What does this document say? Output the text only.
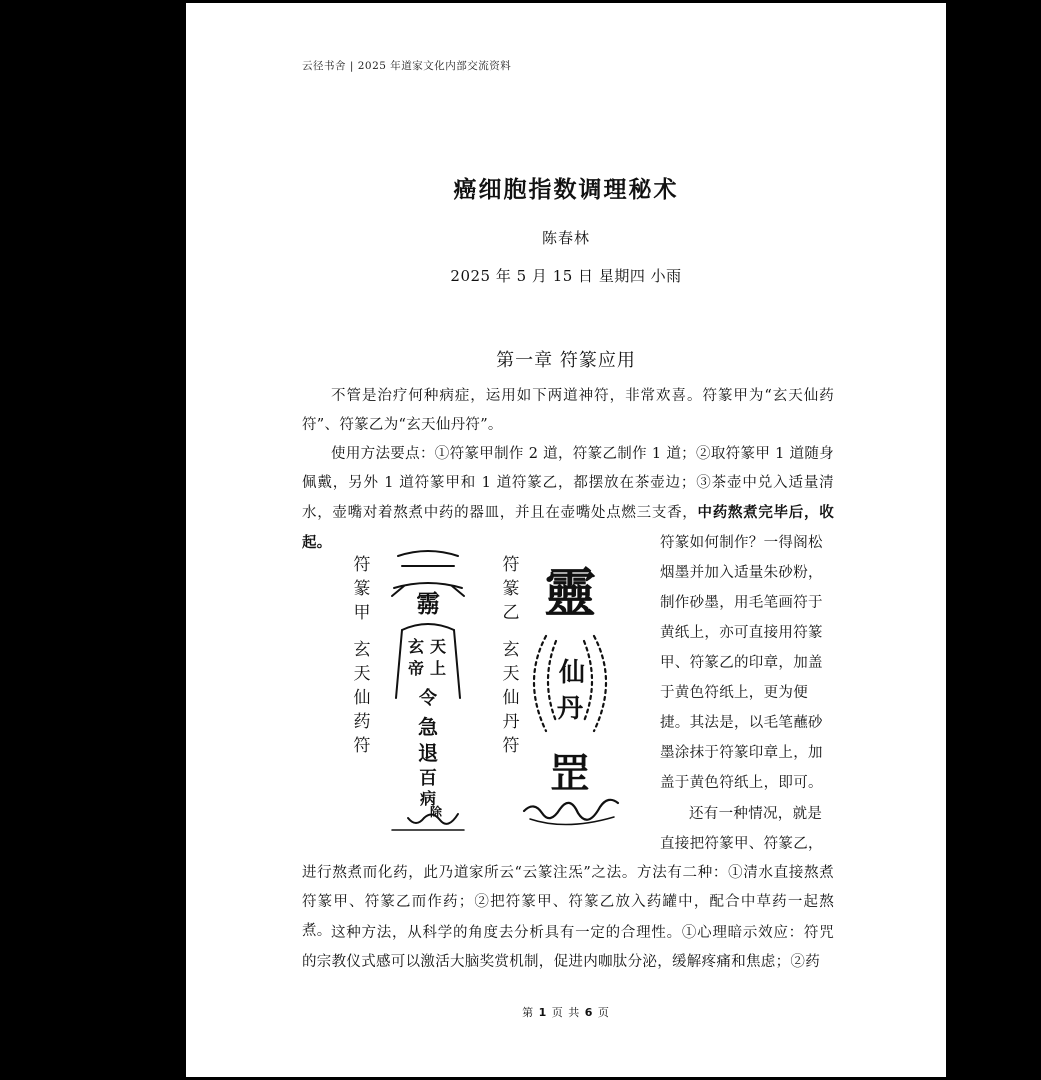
云径书舍 | 2025 年道家文化内部交流资料
癌细胞指数调理秘术
陈春林
2025 年 5 月 15 日 星期四 小雨
第一章 符篆应用

不管是治疗何种病症，运用如下两道神符，非常欢喜。符篆甲为“玄天仙药符”、符篆乙为“玄天仙丹符”。

使用方法要点：①符篆甲制作 2 道，符篆乙制作 1 道；②取符篆甲 1 道随身佩戴，另外 1 道符篆甲和 1 道符篆乙，都摆放在茶壶边；③茶壶中兑入适量清水，壶嘴对着熬煮中药的器皿，并且在壶嘴处点燃三支香，中药熬煮完毕后，收起。

符篆甲
玄天仙药符
霛
玄 天
帝 上
令
急
退
百
病
除
符篆乙
玄天仙丹符
靈
仙
丹
罡

符篆如何制作？一得阁松烟墨并加入适量朱砂粉，制作砂墨，用毛笔画符于黄纸上，亦可直接用符篆甲、符篆乙的印章，加盖于黄色符纸上，更为便捷。其法是，以毛笔蘸砂墨涂抹于符篆印章上，加盖于黄色符纸上，即可。

还有一种情况，就是直接把符篆甲、符篆乙，

进行熬煮而化药，此乃道家所云“云篆注炁”之法。方法有二种：①清水直接熬煮符篆甲、符篆乙而作药；②把符篆甲、符篆乙放入药罐中，配合中草药一起熬煮。 这种方法，从科学的角度去分析具有一定的合理性。①心理暗示效应：符咒的宗教仪式感可以激活大脑奖赏机制，促进内咖肽分泌，缓解疼痛和焦虑；②药

第 1 页 共 6 页
